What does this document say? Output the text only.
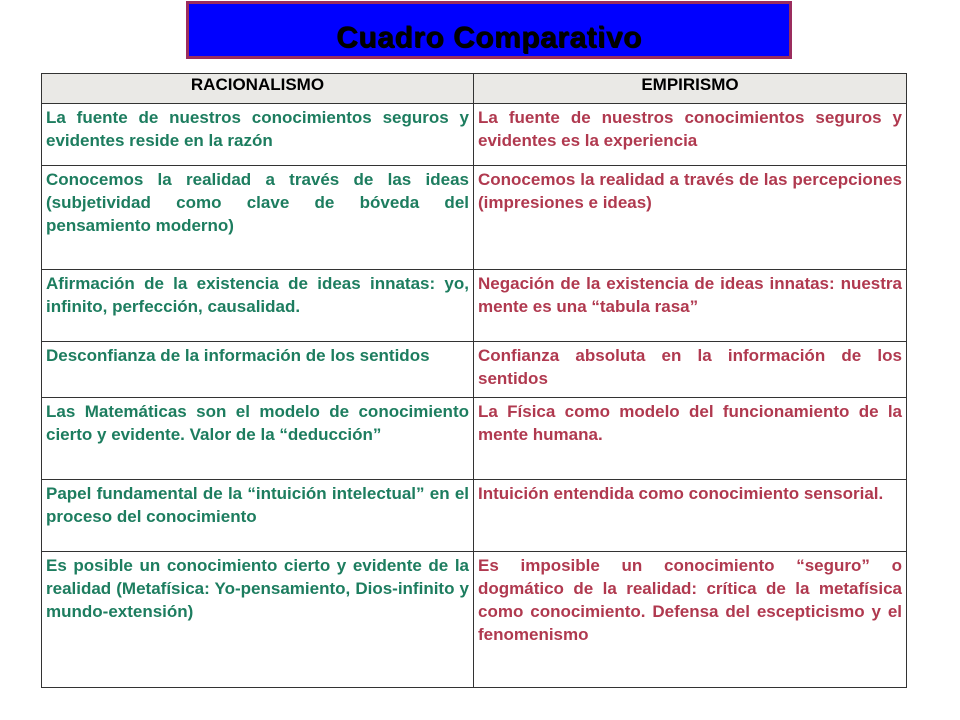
Cuadro Comparativo
RACIONALISMO	EMPIRISMO
La fuente de nuestros conocimientos seguros y evidentes reside en la razón	La fuente de nuestros conocimientos seguros y evidentes es la experiencia
Conocemos la realidad a través de las ideas (subjetividad como clave de bóveda del pensamiento moderno)	Conocemos la realidad a través de las percepciones (impresiones e ideas)
Afirmación de la existencia de ideas innatas: yo, infinito, perfección, causalidad.	Negación de la existencia de ideas innatas: nuestra mente es una “tabula rasa”
Desconfianza de la información de los sentidos	Confianza absoluta en la información de los sentidos
Las Matemáticas son el modelo de conocimiento cierto y evidente. Valor de la “deducción”	La Física como modelo del funcionamiento de la mente humana.
Papel fundamental de la “intuición intelectual” en el proceso del conocimiento	Intuición entendida como conocimiento sensorial.
Es posible un conocimiento cierto y evidente de la realidad (Metafísica: Yo-pensamiento, Dios-infinito y mundo-extensión)	Es imposible un conocimiento “seguro” o dogmático de la realidad: crítica de la metafísica como conocimiento. Defensa del escepticismo y el fenomenismo
